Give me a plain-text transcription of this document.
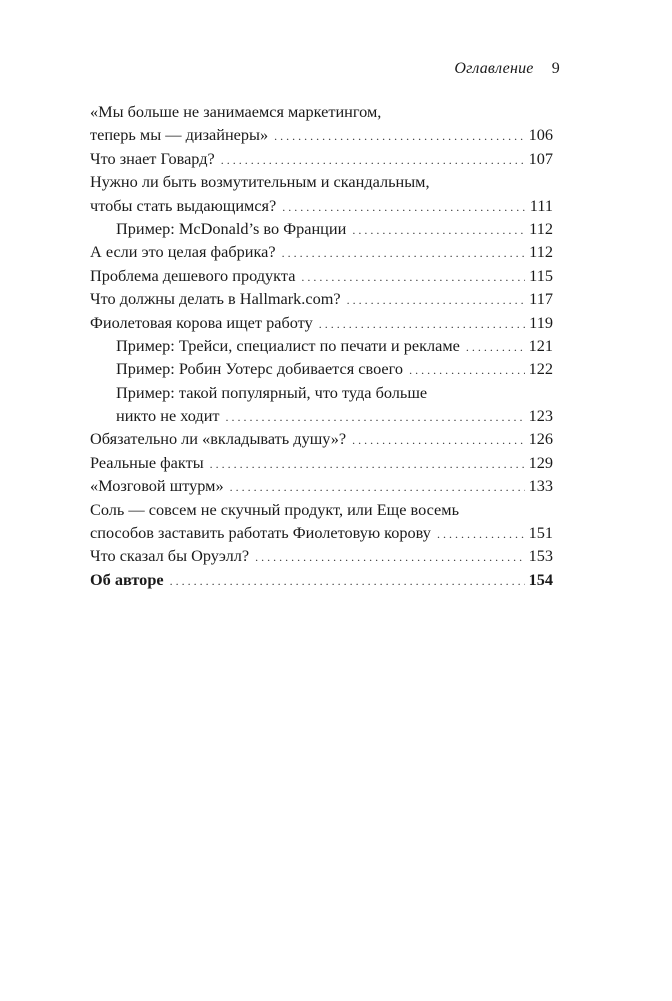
Оглавление 9
«Мы больше не занимаемся маркетингом,
теперь мы — дизайнеры» . . .	106
Что знает Говард? . . .	107
Нужно ли быть возмутительным и скандальным,
чтобы стать выдающимся? . . .	111
Пример: McDonald’s во Франции . . .	112
А если это целая фабрика? . . .	112
Проблема дешевого продукта . . .	115
Что должны делать в Hallmark.com? . . .	117
Фиолетовая корова ищет работу . . .	119
Пример: Трейси, специалист по печати и рекламе . . .	121
Пример: Робин Уотерс добивается своего . . .	122
Пример: такой популярный, что туда больше
никто не ходит . . .	123
Обязательно ли «вкладывать душу»? . . .	126
Реальные факты . . .	129
«Мозговой штурм» . . .	133
Соль — совсем не скучный продукт, или Еще восемь
способов заставить работать Фиолетовую корову . . .	151
Что сказал бы Оруэлл? . . .	153
Об авторе . . .	154
